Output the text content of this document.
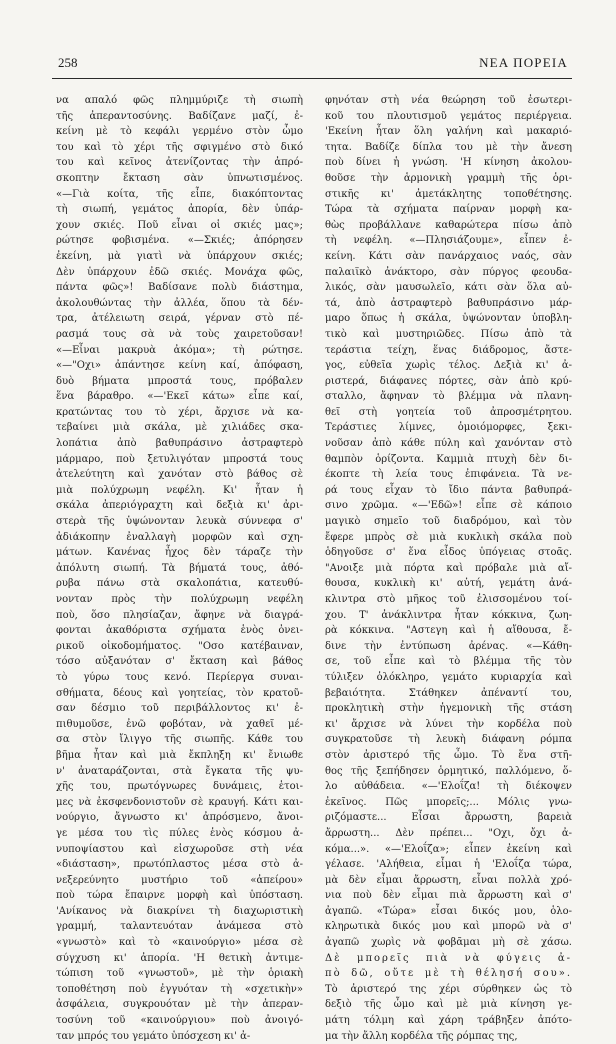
258	ΝΕΑ ΠΟΡΕΙΑ
να απαλό φῶς πλημμύριζε τὴ σιωπὴ
τῆς ἀπεραντοσύνης. Βαδίζανε μαζί, ἐ-
κείνη μὲ τὸ κεφάλι γερμένο στὸν ὦμο
του καὶ τὸ χέρι τῆς σφιγμένο στὸ δικό
του καὶ κεῖνος ἀτενίζοντας τὴν ἀπρό-
σκοπτην ἔκταση σὰν ὑπνωτισμένος.
«—Γιὰ κοίτα, τῆς εἶπε, διακόπτοντας
τὴ σιωπή, γεμάτος ἀπορία, δὲν ὑπάρ-
χουν σκιές. Ποῦ εἶναι οἱ σκιές μας»;
ρώτησε φοβισμένα. «—Σκιές; ἀπόρησεν
ἐκείνη, μὰ γιατὶ νὰ ὑπάρχουν σκιές;
Δὲν ὑπάρχουν ἐδῶ σκιές. Μονάχα φῶς,
πάντα φῶς»! Βαδίσανε πολὺ διάστημα,
ἀκολουθώντας τὴν ἀλλέα, ὅπου τὰ δέν-
τρα, ἀτέλειωτη σειρά, γέρναν στὸ πέ-
ρασμά τους σὰ νὰ τοὺς χαιρετοῦσαν!
«—Εἶναι μακρυὰ ἀκόμα»; τὴ ρώτησε.
«—"Οχι» ἀπάντησε κείνη καί, ἀπόφαση,
δυὸ βήματα μπροστά τους, πρόβαλεν
ἕνα βάραθρο. «—'Εκεῖ κάτω» εἶπε καί,
κρατώντας του τὸ χέρι, ἄρχισε νὰ κα-
τεβαίνει μιὰ σκάλα, μὲ χιλιάδες σκα-
λοπάτια ἀπὸ βαθυπράσινο ἀστραφτερὸ
μάρμαρο, ποὺ ξετυλιγόταν μπροστά τους
ἀτελεύτητη καὶ χανόταν στὸ βάθος σὲ
μιὰ πολύχρωμη νεφέλη. Κι' ἦταν ἡ
σκάλα ἀπεριόγραχτη καὶ δεξιὰ κι' ἀρι-
στερὰ τῆς ὑψώνονταν λευκὰ σύννεφα σ'
ἀδιάκοπην ἐναλλαγὴ μορφῶν καὶ σχη-
μάτων. Κανένας ἦχος δὲν τάραζε τὴν
ἀπόλυτη σιωπή. Τὰ βήματά τους, ἀθό-
ρυβα πάνω στὰ σκαλοπάτια, κατευθύ-
νονταν πρὸς τὴν πολύχρωμη νεφέλη
ποὺ, ὅσο πλησίαζαν, ἄφηνε νὰ διαγρά-
φονται ἀκαθόριστα σχήματα ἑνὸς ὀνει-
ρικοῦ οἰκοδομήματος. "Οσο κατέβαιναν,
τόσο αὐξανόταν σ' ἔκταση καὶ βάθος
τὸ γύρω τους κενό. Περίεργα συναι-
σθήματα, δέους καὶ γοητείας, τὸν κρατοῦ-
σαν δέσμιο τοῦ περιβάλλοντος κι' ἐ-
πιθυμοῦσε, ἐνῶ φοβόταν, νὰ χαθεῖ μέ-
σα στὸν ἴλιγγο τῆς σιωπῆς. Κάθε του
βῆμα ἦταν καὶ μιὰ ἔκπληξη κι' ἔνιωθε
ν' ἀναταράζονται, στὰ ἔγκατα τῆς ψυ-
χῆς του, πρωτόγνωρες δυνάμεις, ἑτοι-
μες νὰ ἐκσφενδονιστοῦν σὲ κραυγή. Κάτι και-
νούργιο, ἄγνωστο κι' ἀπρόσμενο, ἄνοι-
γε μέσα του τὶς πύλες ἑνὸς κόσμου ἀ-
νυποψίαστου καὶ εἰσχωροῦσε στὴ νέα
«διάσταση», πρωτόπλαστος μέσα στὸ ἀ-
νεξερεύνητο μυστήριο τοῦ «ἀπείρου»
ποὺ τώρα ἔπαιρνε μορφὴ καὶ ὑπόσταση.
'Ανίκανος νὰ διακρίνει τὴ διαχωριστικὴ
γραμμή, ταλαντευόταν ἀνάμεσα στὸ
«γνωστὸ» καὶ τὸ «καινούργιο» μέσα σὲ
σύγχυση κι' ἀπορία. 'Η θετικὴ ἀντιμε-
τώπιση τοῦ «γνωστοῦ», μὲ τὴν ὁριακὴ
τοποθέτηση ποὺ ἐγγυόταν τὴ «σχετικὴν»
ἀσφάλεια, συγκρουόταν μὲ τὴν ἀπεραν-
τοσύνη τοῦ «καινούργιου» ποὺ ἀνοιγό-
ταν μπρός του γεμάτο ὑπόσχεση κι' ἀ-
φηνόταν στὴ νέα θεώρηση τοῦ ἐσωτερι-
κοῦ του πλουτισμοῦ γεμάτος περιέργεια.
'Εκείνη ἦταν ὅλη γαλήνη καὶ μακαριό-
τητα. Βαδίζε δίπλα του μὲ τὴν ἄνεση
ποὺ δίνει ἡ γνώση. 'Η κίνηση ἀκολου-
θοῦσε τὴν ἁρμονικὴ γραμμὴ τῆς ὁρι-
στικῆς κι' ἀμετάκλητης τοποθέτησης.
Τώρα τὰ σχήματα παίρναν μορφὴ κα-
θὼς προβάλλανε καθαρώτερα πίσω ἀπὸ
τὴ νεφέλη. «—Πλησιάζουμε», εἶπεν ἐ-
κείνη. Κάτι σὰν πανάρχαιος ναός, σὰν
παλαιϊκὸ ἀνάκτορο, σὰν πύργος φεουδα-
λικός, σὰν μαυσωλεῖο, κάτι σὰν ὅλα αὐ-
τά, ἀπὸ ἀστραφτερὸ βαθυπράσινο μάρ-
μαρο ὅπως ἡ σκάλα, ὑψώνονταν ὑποβλη-
τικὸ καὶ μυστηριῶδες. Πίσω ἀπὸ τὰ
τεράστια τείχη, ἕνας διάδρομος, ἄστε-
γος, εὐθεῖα χωρὶς τέλος. Δεξιὰ κι' ἀ-
ριστερά, διάφανες πόρτες, σὰν ἀπὸ κρύ-
σταλλο, ἄφηναν τὸ βλέμμα νὰ πλανη-
θεῖ στὴ γοητεία τοῦ ἀπροσμέτρητου.
Τεράστιες λίμνες, ὁμοιόμορφες, ξεκι-
νοῦσαν ἀπὸ κάθε πύλη καὶ χανόνταν στὸ
θαμπὸν ὁρίζοντα. Καμμιὰ πτυχὴ δὲν δι-
έκοπτε τὴ λεία τους ἐπιφάνεια. Τὰ νε-
ρά τους εἶχαν τὸ ἴδιο πάντα βαθυπρά-
σινο χρῶμα. «—'Εδῶ»! εἶπε σὲ κάποιο
μαγικὸ σημεῖο τοῦ διαδρόμου, καὶ τὸν
ἔφερε μπρὸς σὲ μιὰ κυκλικὴ σκάλα ποὺ
ὁδηγοῦσε σ' ἕνα εἶδος ὑπόγειας στοᾶς.
"Ανοιξε μιὰ πόρτα καὶ πρόβαλε μιὰ αἴ-
θουσα, κυκλικὴ κι' αὐτή, γεμάτη ἀνά-
κλιντρα στὸ μῆκος τοῦ ἑλισσομένου τοί-
χου. Τ' ἀνάκλιντρα ἦταν κόκκινα, ζωη-
ρὰ κόκκινα. "Αστεγη καὶ ἡ αἴθουσα, ἔ-
δινε τὴν ἐντύπωση ἀρένας. «—Κάθη-
σε, τοῦ εἶπε καὶ τὸ βλέμμα τῆς τὸν
τύλιξεν ὁλόκληρο, γεμάτο κυριαρχία καὶ
βεβαιότητα. Στάθηκεν ἀπέναντί του,
προκλητικὴ στὴν ἡγεμονικὴ τῆς στάση
κι' ἄρχισε νὰ λύνει τὴν κορδέλα ποὺ
συγκρατοῦσε τὴ λευκὴ διάφανη ρόμπα
στὸν ἀριστερό τῆς ὦμο. Τὸ ἕνα στῆ-
θος τῆς ξεπήδησεν ὁρμητικό, παλλόμενο, ὅ-
λο αὐθάδεια. «—'Ελοΐζα! τὴ διέκοψεν
ἐκεῖνος. Πῶς μπορεῖς;... Μόλις γνω-
ριζόμαστε... Εἶσαι ἄρρωστη, βαρειὰ
ἄρρωστη... Δὲν πρέπει... "Οχι, ὄχι ἀ-
κόμα...». «—'Ελοΐζα»; εἶπεν ἐκείνη καὶ
γέλασε. 'Αλήθεια, εἶμαι ἡ 'Ελοΐζα τώρα,
μὰ δὲν εἶμαι ἄρρωστη, εἶναι πολλὰ χρό-
νια ποὺ δὲν εἶμαι πιὰ ἄρρωστη καὶ σ'
ἀγαπῶ. «Τώρα» εἶσαι δικός μου, ὁλο-
κληρωτικὰ δικός μου καὶ μπορῶ νὰ σ'
ἀγαπῶ χωρὶς νὰ φοβᾶμαι μὴ σὲ χάσω.
Δὲ μπορεῖς πιὰ νὰ φύγεις ἀ-
πὸ δῶ, οὔτε μὲ τὴ θέλησή σου».
Τὸ ἀριστερό της χέρι σύρθηκεν ὡς τὸ
δεξιὸ τῆς ὦμο καὶ μὲ μιὰ κίνηση γε-
μάτη τόλμη καὶ χάρη τράβηξεν ἀπότο-
μα τὴν ἄλλη κορδέλα τῆς ρόμπας της,
